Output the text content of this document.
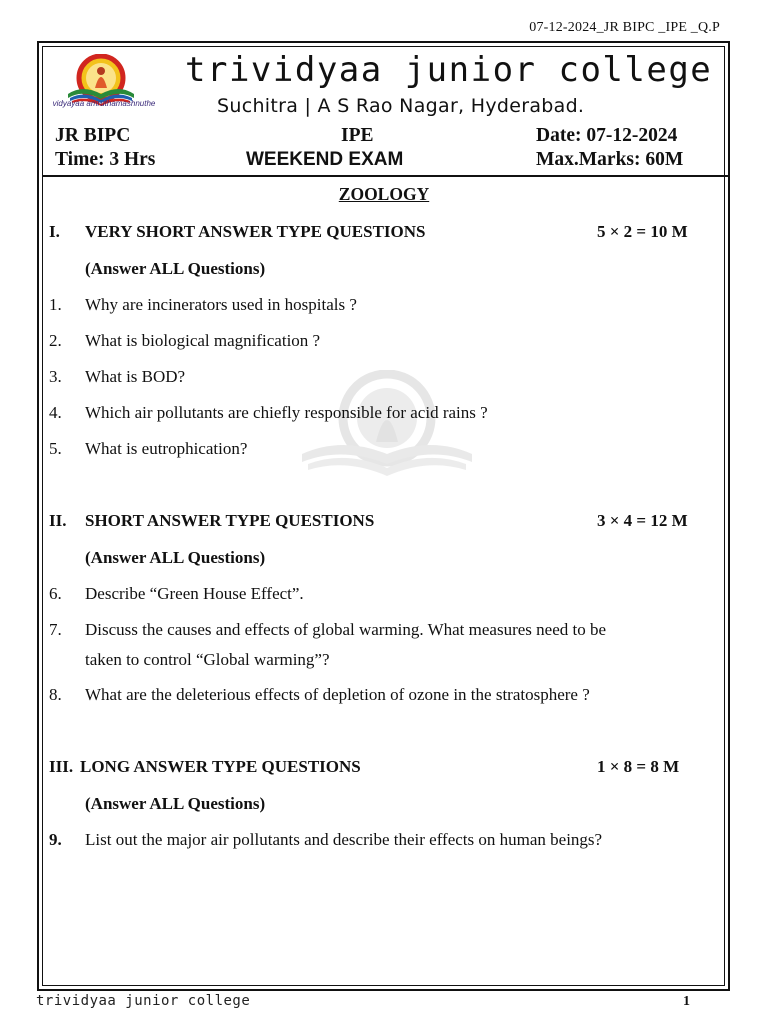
07-12-2024_JR BIPC _IPE _Q.P
vidyayaa amruthamashnuthe
trividyaa junior college
Suchitra | A S Rao Nagar, Hyderabad.
JR BIPC	IPE	Date: 07-12-2024
Time: 3 Hrs	WEEKEND EXAM	Max.Marks: 60M
ZOOLOGY
I. VERY SHORT ANSWER TYPE QUESTIONS	5 × 2 = 10 M
(Answer ALL Questions)
1. Why are incinerators used in hospitals ?
2. What is biological magnification ?
3. What is BOD?
4. Which air pollutants are chiefly responsible for acid rains ?
5. What is eutrophication?
II. SHORT ANSWER TYPE QUESTIONS	3 × 4 = 12 M
(Answer ALL Questions)
6. Describe “Green House Effect”.
7. Discuss the causes and effects of global warming. What measures need to be
taken to control “Global warming”?
8. What are the deleterious effects of depletion of ozone in the stratosphere ?
III. LONG ANSWER TYPE QUESTIONS	1 × 8 = 8 M
(Answer ALL Questions)
9. List out the major air pollutants and describe their effects on human beings?
trividyaa junior college	1
